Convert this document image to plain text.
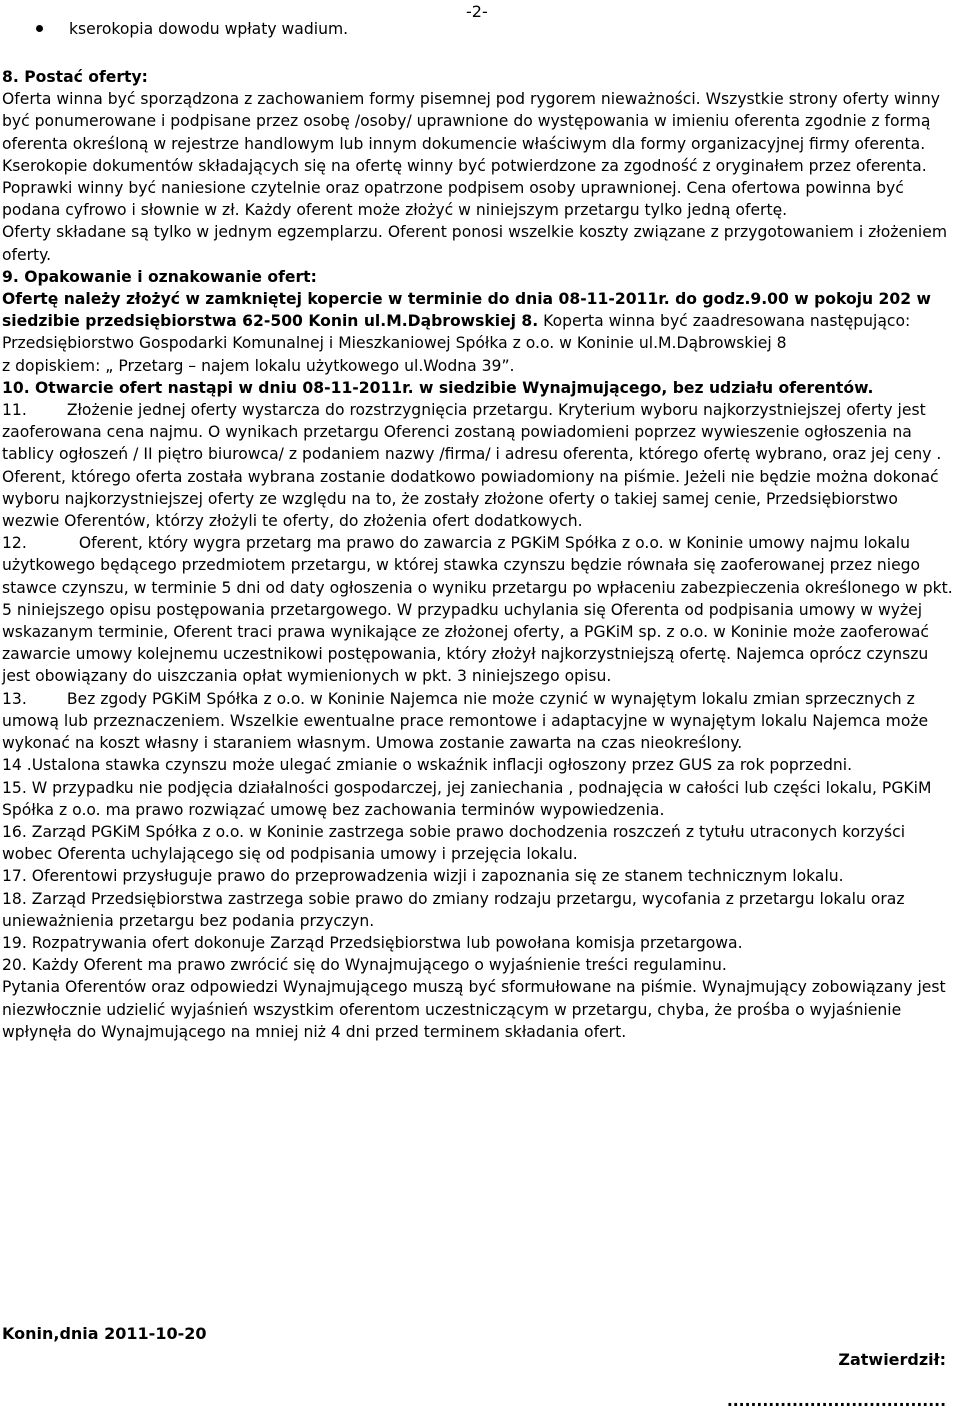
-2-
kserokopia dowodu wpłaty wadium.

8. Postać oferty:

Oferta winna być sporządzona z zachowaniem formy pisemnej pod rygorem nieważności. Wszystkie strony oferty winny być ponumerowane i podpisane przez osobę /osoby/ uprawnione do występowania w imieniu oferenta zgodnie z formą oferenta określoną w rejestrze handlowym lub innym dokumencie właściwym dla formy organizacyjnej firmy oferenta.

Kserokopie dokumentów składających się na ofertę winny być potwierdzone za zgodność z oryginałem przez oferenta. Poprawki winny być naniesione czytelnie oraz opatrzone podpisem osoby uprawnionej. Cena ofertowa powinna być podana cyfrowo i słownie w zł. Każdy oferent może złożyć w niniejszym przetargu tylko jedną ofertę.

Oferty składane są tylko w jednym egzemplarzu. Oferent ponosi wszelkie koszty związane z przygotowaniem i złożeniem oferty.

9. Opakowanie i oznakowanie ofert:

Ofertę należy złożyć w zamkniętej kopercie w terminie do dnia 08-11-2011r. do godz.9.00 w pokoju 202 w siedzibie przedsiębiorstwa 62-500 Konin ul.M.Dąbrowskiej 8. Koperta winna być zaadresowana następująco:

Przedsiębiorstwo Gospodarki Komunalnej i Mieszkaniowej Spółka z o.o. w Koninie ul.M.Dąbrowskiej 8

z dopiskiem: „ Przetarg – najem lokalu użytkowego ul.Wodna 39”.

10. Otwarcie ofert nastąpi w dniu 08-11-2011r. w siedzibie Wynajmującego, bez udziału oferentów.

11.	Złożenie jednej oferty wystarcza do rozstrzygnięcia przetargu. Kryterium wyboru najkorzystniejszej oferty jest zaoferowana cena najmu. O wynikach przetargu Oferenci zostaną powiadomieni poprzez wywieszenie ogłoszenia na tablicy ogłoszeń / II piętro biurowca/ z podaniem nazwy /firma/ i adresu oferenta, którego ofertę wybrano, oraz jej ceny . Oferent, którego oferta została wybrana zostanie dodatkowo powiadomiony na piśmie. Jeżeli nie będzie można dokonać wyboru najkorzystniejszej oferty ze względu na to, że zostały złożone oferty o takiej samej cenie, Przedsiębiorstwo wezwie Oferentów, którzy złożyli te oferty, do złożenia ofert dodatkowych.

12.	Oferent, który wygra przetarg ma prawo do zawarcia z PGKiM Spółka z o.o. w Koninie umowy najmu lokalu użytkowego będącego przedmiotem przetargu, w której stawka czynszu będzie równała się zaoferowanej przez niego stawce czynszu, w terminie 5 dni od daty ogłoszenia o wyniku przetargu po wpłaceniu zabezpieczenia określonego w pkt. 5 niniejszego opisu postępowania przetargowego. W przypadku uchylania się Oferenta od podpisania umowy w wyżej wskazanym terminie, Oferent traci prawa wynikające ze złożonej oferty, a PGKiM sp. z o.o. w Koninie może zaoferować zawarcie umowy kolejnemu uczestnikowi postępowania, który złożył najkorzystniejszą ofertę. Najemca oprócz czynszu jest obowiązany do uiszczania opłat wymienionych w pkt. 3 niniejszego opisu.

13.	Bez zgody PGKiM Spółka z o.o. w Koninie Najemca nie może czynić w wynajętym lokalu zmian sprzecznych z umową lub przeznaczeniem. Wszelkie ewentualne prace remontowe i adaptacyjne w wynajętym lokalu Najemca może wykonać na koszt własny i staraniem własnym. Umowa zostanie zawarta na czas nieokreślony.

14 .Ustalona stawka czynszu może ulegać zmianie o wskaźnik inflacji ogłoszony przez GUS za rok poprzedni.

15. W przypadku nie podjęcia działalności gospodarczej, jej zaniechania , podnajęcia w całości lub części lokalu, PGKiM Spółka z o.o. ma prawo rozwiązać umowę bez zachowania terminów wypowiedzenia.

16. Zarząd PGKiM Spółka z o.o. w Koninie zastrzega sobie prawo dochodzenia roszczeń z tytułu utraconych korzyści wobec Oferenta uchylającego się od podpisania umowy i przejęcia lokalu.

17. Oferentowi przysługuje prawo do przeprowadzenia wizji i zapoznania się ze stanem technicznym lokalu.

18. Zarząd Przedsiębiorstwa zastrzega sobie prawo do zmiany rodzaju przetargu, wycofania z przetargu lokalu oraz unieważnienia przetargu bez podania przyczyn.

19. Rozpatrywania ofert dokonuje Zarząd Przedsiębiorstwa lub powołana komisja przetargowa.

20. Każdy Oferent ma prawo zwrócić się do Wynajmującego o wyjaśnienie treści regulaminu.

Pytania Oferentów oraz odpowiedzi Wynajmującego muszą być sformułowane na piśmie. Wynajmujący zobowiązany jest niezwłocznie udzielić wyjaśnień wszystkim oferentom uczestniczącym w przetargu, chyba, że prośba o wyjaśnienie wpłynęła do Wynajmującego na mniej niż 4 dni przed terminem składania ofert.

Konin,dnia 2011-10-20
Zatwierdził:
.....................................
